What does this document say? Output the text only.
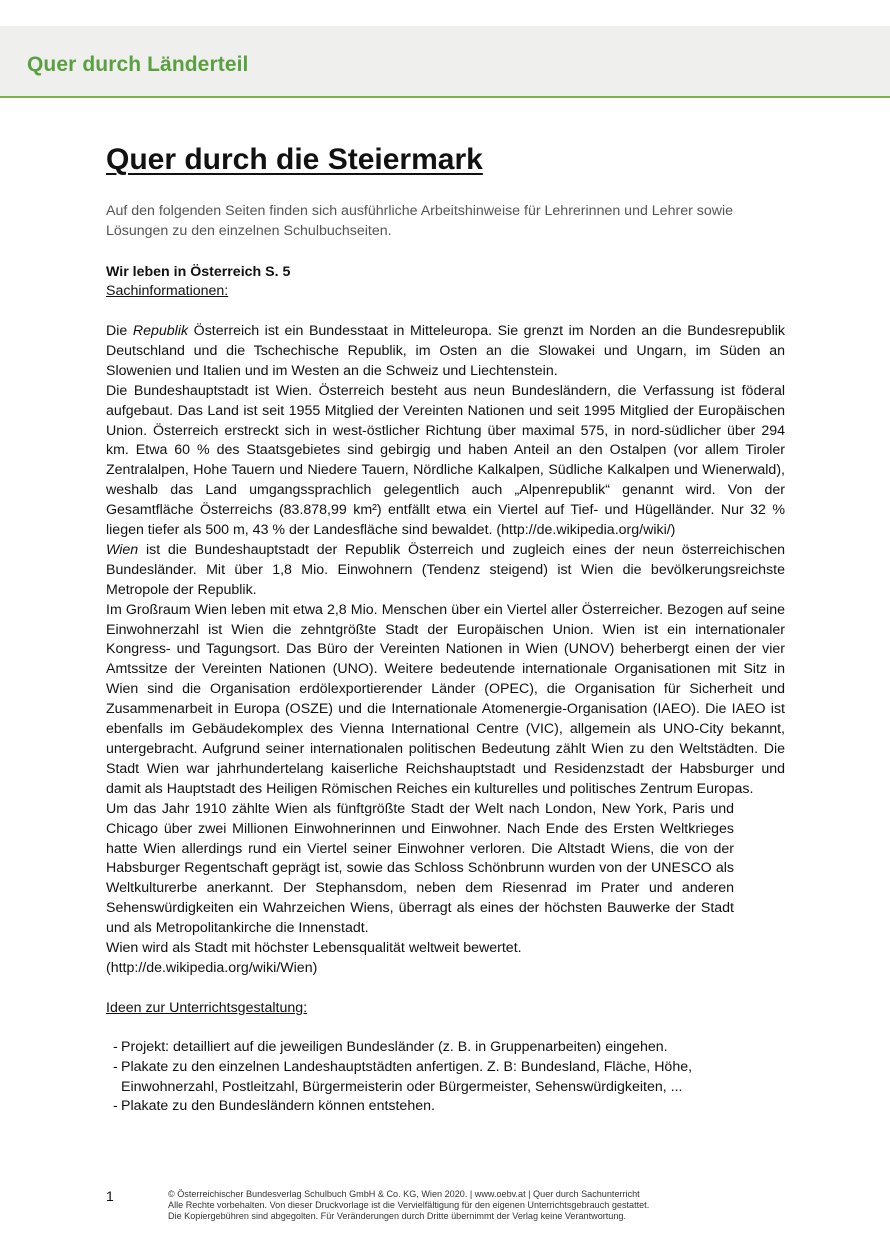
Quer durch Länderteil
Quer durch die Steiermark
Auf den folgenden Seiten finden sich ausführliche Arbeitshinweise für Lehrerinnen und Lehrer sowie Lösungen zu den einzelnen Schulbuchseiten.
Wir leben in Österreich S. 5
Sachinformationen:

Die Republik Österreich ist ein Bundesstaat in Mitteleuropa. Sie grenzt im Norden an die Bundesrepublik Deutschland und die Tschechische Republik, im Osten an die Slowakei und Ungarn, im Süden an Slowenien und Italien und im Westen an die Schweiz und Liechtenstein.

Die Bundeshauptstadt ist Wien. Österreich besteht aus neun Bundesländern, die Verfassung ist föderal aufgebaut. Das Land ist seit 1955 Mitglied der Vereinten Nationen und seit 1995 Mitglied der Europäischen Union. Österreich erstreckt sich in west-östlicher Richtung über maximal 575, in nord-südlicher über 294 km. Etwa 60 % des Staatsgebietes sind gebirgig und haben Anteil an den Ostalpen (vor allem Tiroler Zentralalpen, Hohe Tauern und Niedere Tauern, Nördliche Kalkalpen, Südliche Kalkalpen und Wienerwald), weshalb das Land umgangssprachlich gelegentlich auch „Alpenrepublik“ genannt wird. Von der Gesamtfläche Österreichs (83.878,99 km²) entfällt etwa ein Viertel auf Tief- und Hügelländer. Nur 32 % liegen tiefer als 500 m, 43 % der Landesfläche sind bewaldet. (http://de.wikipedia.org/wiki/)

Wien ist die Bundeshauptstadt der Republik Österreich und zugleich eines der neun österreichischen Bundesländer. Mit über 1,8 Mio. Einwohnern (Tendenz steigend) ist Wien die bevölkerungsreichste Metropole der Republik.

Im Großraum Wien leben mit etwa 2,8 Mio. Menschen über ein Viertel aller Österreicher. Bezogen auf seine Einwohnerzahl ist Wien die zehntgrößte Stadt der Europäischen Union. Wien ist ein internationaler Kongress- und Tagungsort. Das Büro der Vereinten Nationen in Wien (UNOV) beherbergt einen der vier Amtssitze der Vereinten Nationen (UNO). Weitere bedeutende internationale Organisationen mit Sitz in Wien sind die Organisation erdölexportierender Länder (OPEC), die Organisation für Sicherheit und Zusammenarbeit in Europa (OSZE) und die Internationale Atomenergie-Organisation (IAEO). Die IAEO ist ebenfalls im Gebäudekomplex des Vienna International Centre (VIC), allgemein als UNO-City bekannt, untergebracht. Aufgrund seiner internationalen politischen Bedeutung zählt Wien zu den Weltstädten. Die Stadt Wien war jahrhundertelang kaiserliche Reichshauptstadt und Residenzstadt der Habsburger und damit als Hauptstadt des Heiligen Römischen Reiches ein kulturelles und politisches Zentrum Europas.

Um das Jahr 1910 zählte Wien als fünftgrößte Stadt der Welt nach London, New York, Paris und Chicago über zwei Millionen Einwohnerinnen und Einwohner. Nach Ende des Ersten Weltkrieges hatte Wien allerdings rund ein Viertel seiner Einwohner verloren. Die Altstadt Wiens, die von der Habsburger Regentschaft geprägt ist, sowie das Schloss Schönbrunn wurden von der UNESCO als Weltkulturerbe anerkannt. Der Stephansdom, neben dem Riesenrad im Prater und anderen Sehenswürdigkeiten ein Wahrzeichen Wiens, überragt als eines der höchsten Bauwerke der Stadt und als Metropolitankirche die Innenstadt.

Wien wird als Stadt mit höchster Lebensqualität weltweit bewertet.

(http://de.wikipedia.org/wiki/Wien)

Ideen zur Unterrichtsgestaltung:
- Projekt: detailliert auf die jeweiligen Bundesländer (z. B. in Gruppenarbeiten) eingehen.
- Plakate zu den einzelnen Landeshauptstädten anfertigen. Z. B: Bundesland, Fläche, Höhe, Einwohnerzahl, Postleitzahl, Bürgermeisterin oder Bürgermeister, Sehenswürdigkeiten, ...
- Plakate zu den Bundesländern können entstehen.
1	© Österreichischer Bundesverlag Schulbuch GmbH & Co. KG, Wien 2020. | www.oebv.at | Quer durch Sachunterricht
Alle Rechte vorbehalten. Von dieser Druckvorlage ist die Vervielfältigung für den eigenen Unterrichtsgebrauch gestattet.
Die Kopiergebühren sind abgegolten. Für Veränderungen durch Dritte übernimmt der Verlag keine Verantwortung.
